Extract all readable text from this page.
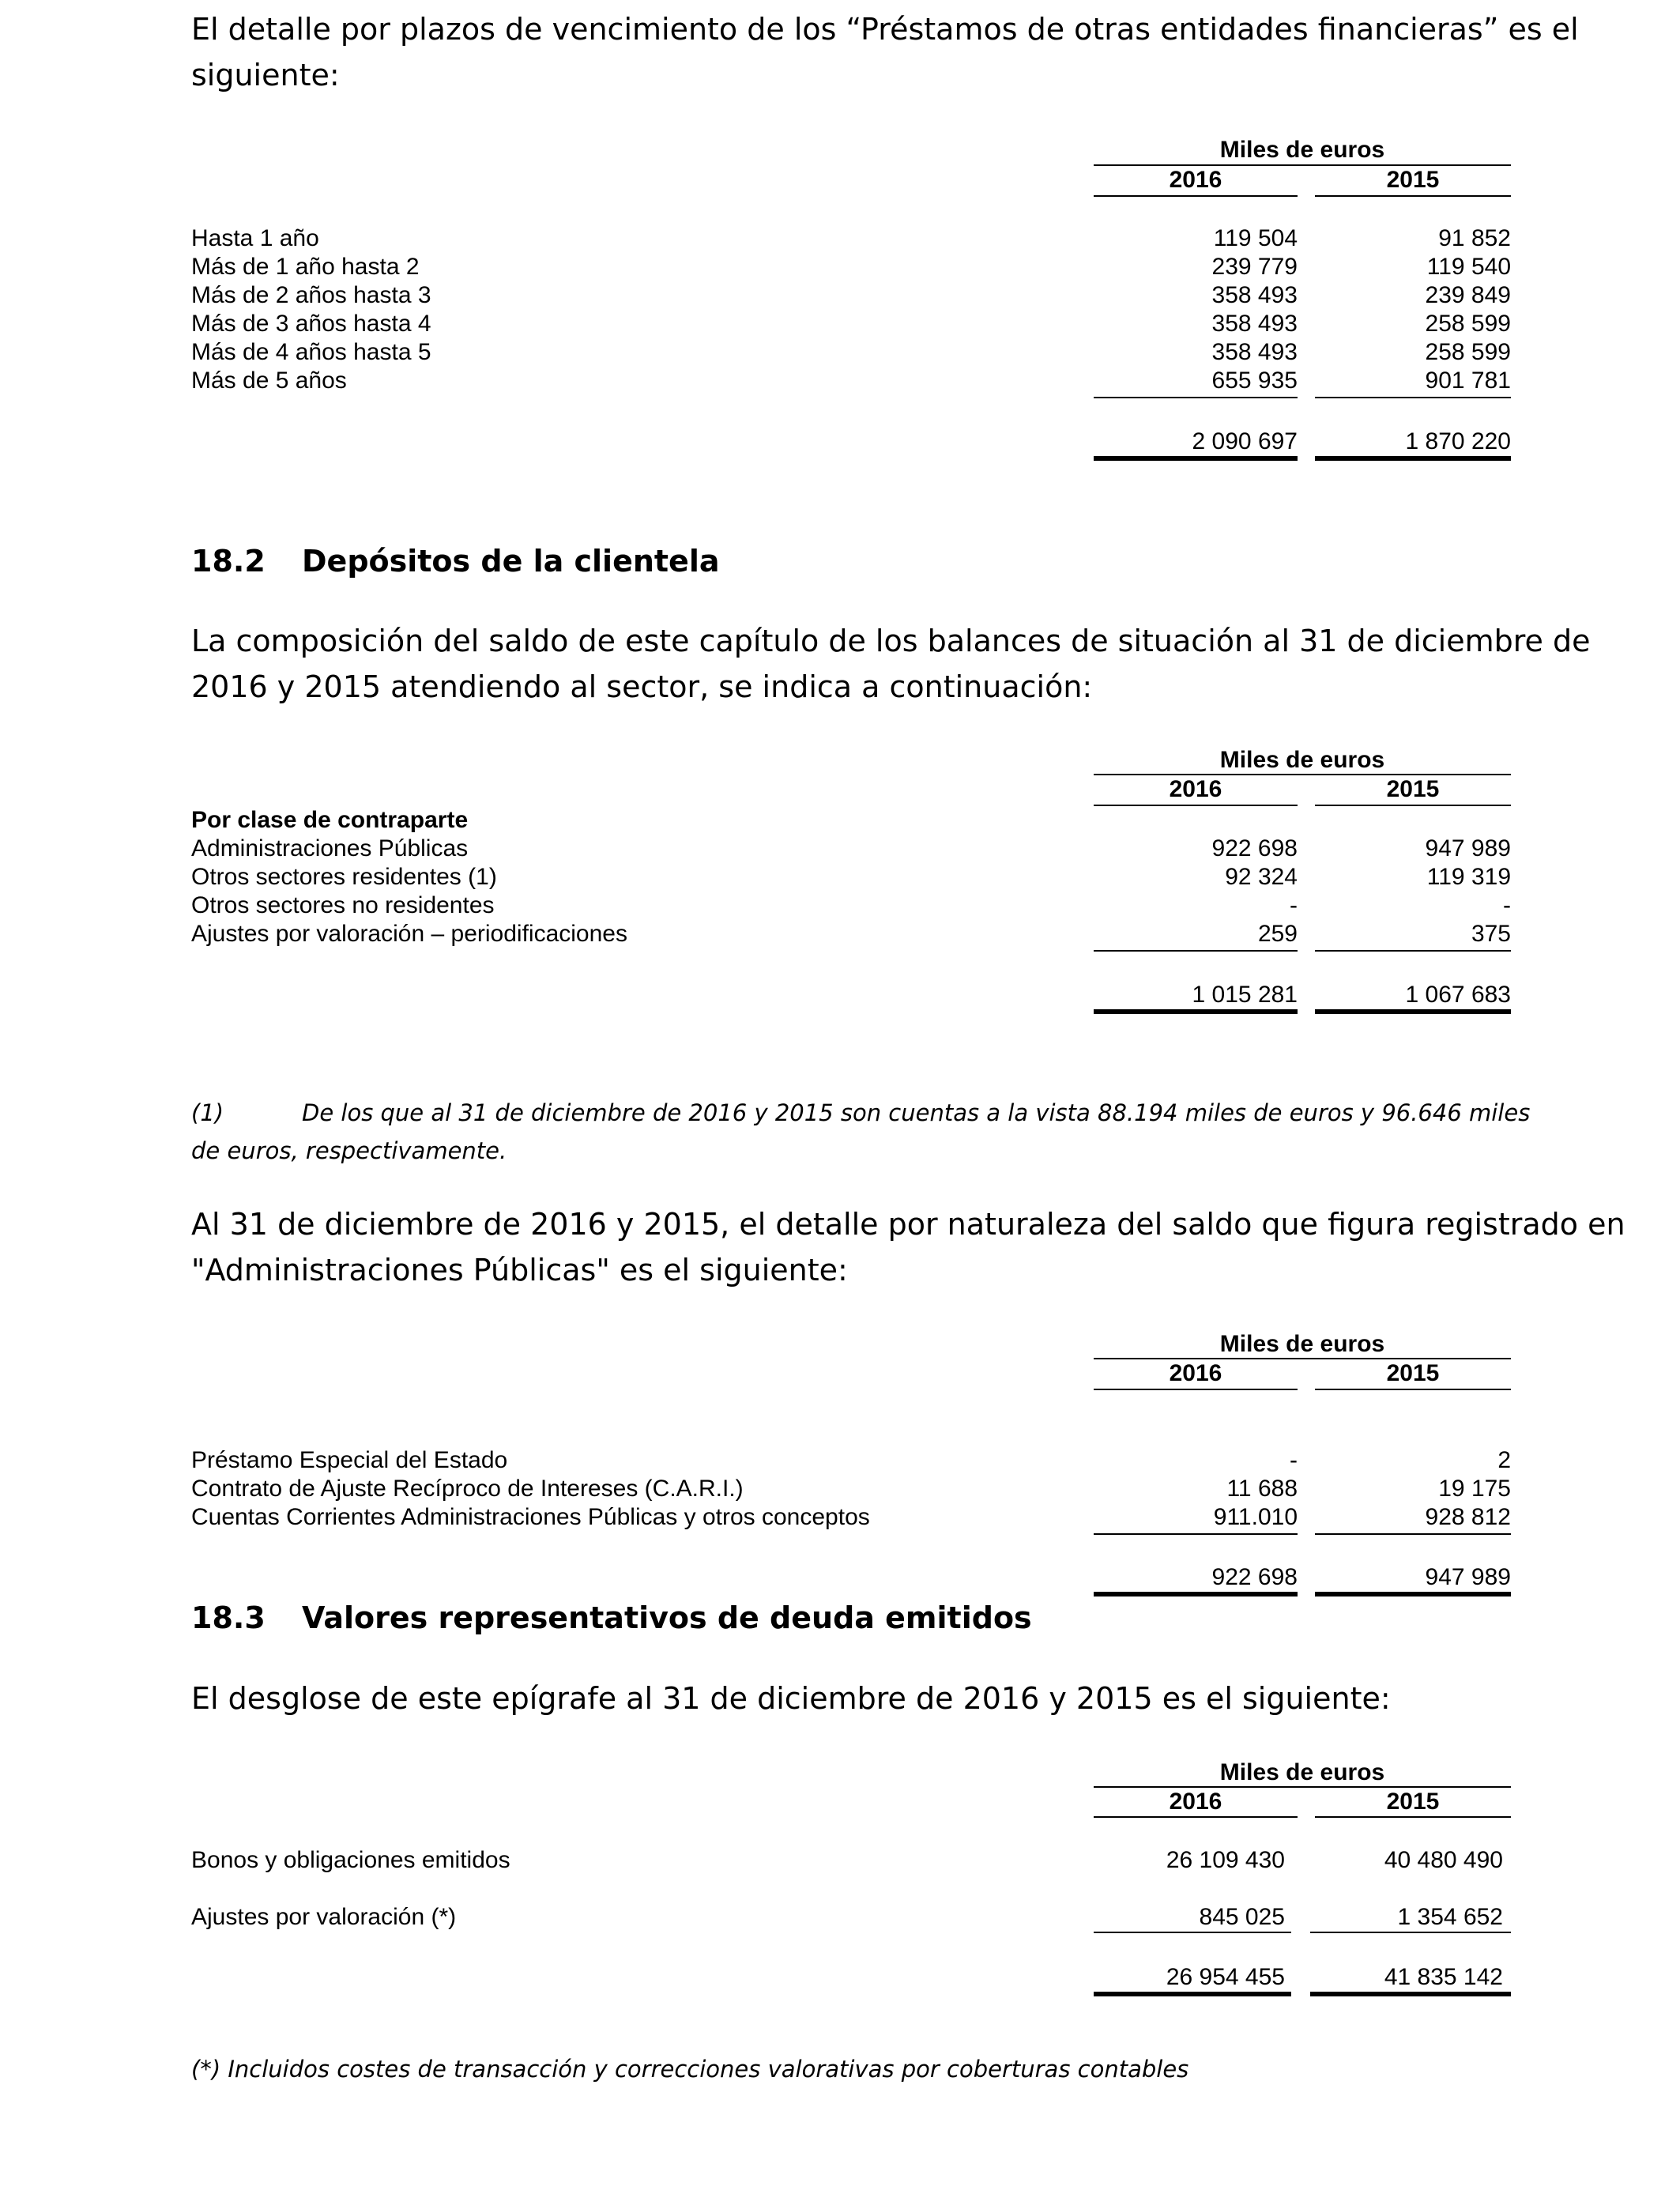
El detalle por plazos de vencimiento de los “Préstamos de otras entidades financieras” es el
siguiente:
Miles de euros
2016	2015
Hasta 1 año	119 504	91 852
Más de 1 año hasta 2	239 779	119 540
Más de 2 años hasta 3	358 493	239 849
Más de 3 años hasta 4	358 493	258 599
Más de 4 años hasta 5	358 493	258 599
Más de 5 años	655 935	901 781
2 090 697	1 870 220
18.2 Depósitos de la clientela
La composición del saldo de este capítulo de los balances de situación al 31 de diciembre de
2016 y 2015 atendiendo al sector, se indica a continuación:
Miles de euros
2016	2015
Por clase de contraparte
Administraciones Públicas	922 698	947 989
Otros sectores residentes (1)	92 324	119 319
Otros sectores no residentes	-	-
Ajustes por valoración – periodificaciones	259	375
1 015 281	1 067 683
(1)	De los que al 31 de diciembre de 2016 y 2015 son cuentas a la vista 88.194 miles de euros y 96.646 miles
de euros, respectivamente.
Al 31 de diciembre de 2016 y 2015, el detalle por naturaleza del saldo que figura registrado en
"Administraciones Públicas" es el siguiente:
Miles de euros
2016	2015
Préstamo Especial del Estado	-	2
Contrato de Ajuste Recíproco de Intereses (C.A.R.I.)	11 688	19 175
Cuentas Corrientes Administraciones Públicas y otros conceptos	911.010	928 812
922 698	947 989
18.3 Valores representativos de deuda emitidos
El desglose de este epígrafe al 31 de diciembre de 2016 y 2015 es el siguiente:
Miles de euros
2016	2015
Bonos y obligaciones emitidos	26 109 430	40 480 490
Ajustes por valoración (*)	845 025	1 354 652
26 954 455	41 835 142
(*) Incluidos costes de transacción y correcciones valorativas por coberturas contables
